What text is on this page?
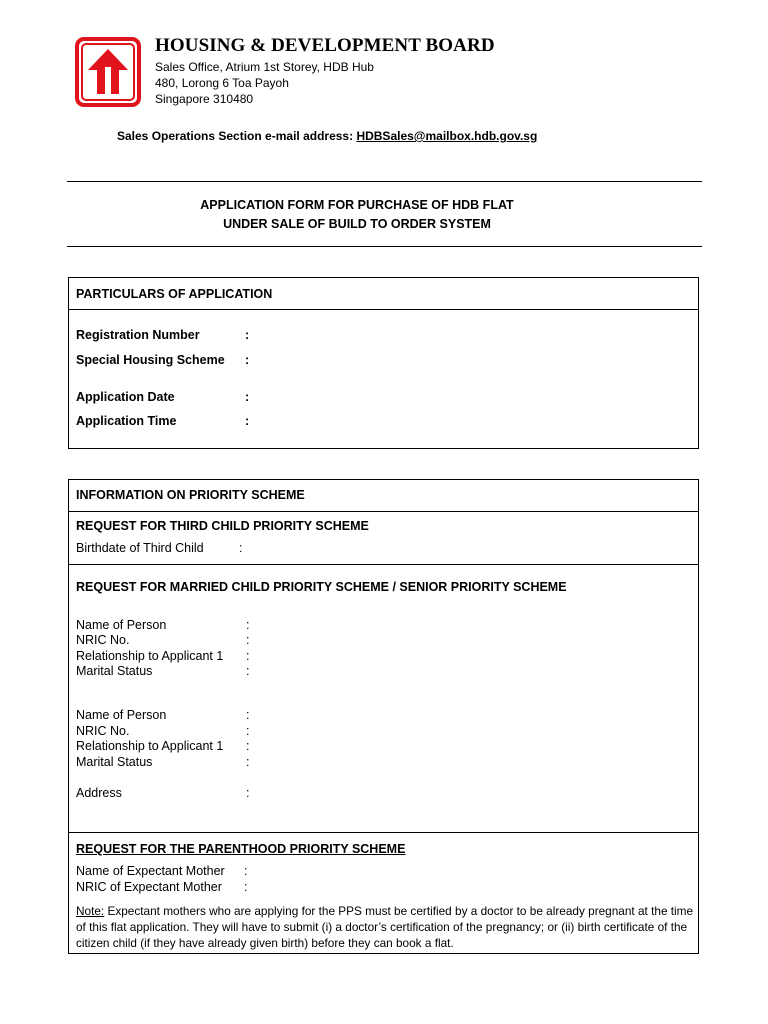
HOUSING & DEVELOPMENT BOARD
Sales Office, Atrium 1st Storey, HDB Hub
480, Lorong 6 Toa Payoh
Singapore 310480
Sales Operations Section e-mail address: HDBSales@mailbox.hdb.gov.sg
APPLICATION FORM FOR PURCHASE OF HDB FLAT
UNDER SALE OF BUILD TO ORDER SYSTEM
PARTICULARS OF APPLICATION
Registration Number	:
Special Housing Scheme :
Application Date	:
Application Time	:
INFORMATION ON PRIORITY SCHEME
REQUEST FOR THIRD CHILD PRIORITY SCHEME
Birthdate of Third Child	:
REQUEST FOR MARRIED CHILD PRIORITY SCHEME / SENIOR PRIORITY SCHEME
Name of Person	:
NRIC No.	:
Relationship to Applicant 1 :
Marital Status	:
Name of Person	:
NRIC No.	:
Relationship to Applicant 1 :
Marital Status	:
Address	:
REQUEST FOR THE PARENTHOOD PRIORITY SCHEME
Name of Expectant Mother :
NRIC of Expectant Mother :
Note: Expectant mothers who are applying for the PPS must be certified by a doctor to be already pregnant at the time of this flat application. They will have to submit (i) a doctor’s certification of the pregnancy; or (ii) birth certificate of the citizen child (if they have already given birth) before they can book a flat.
